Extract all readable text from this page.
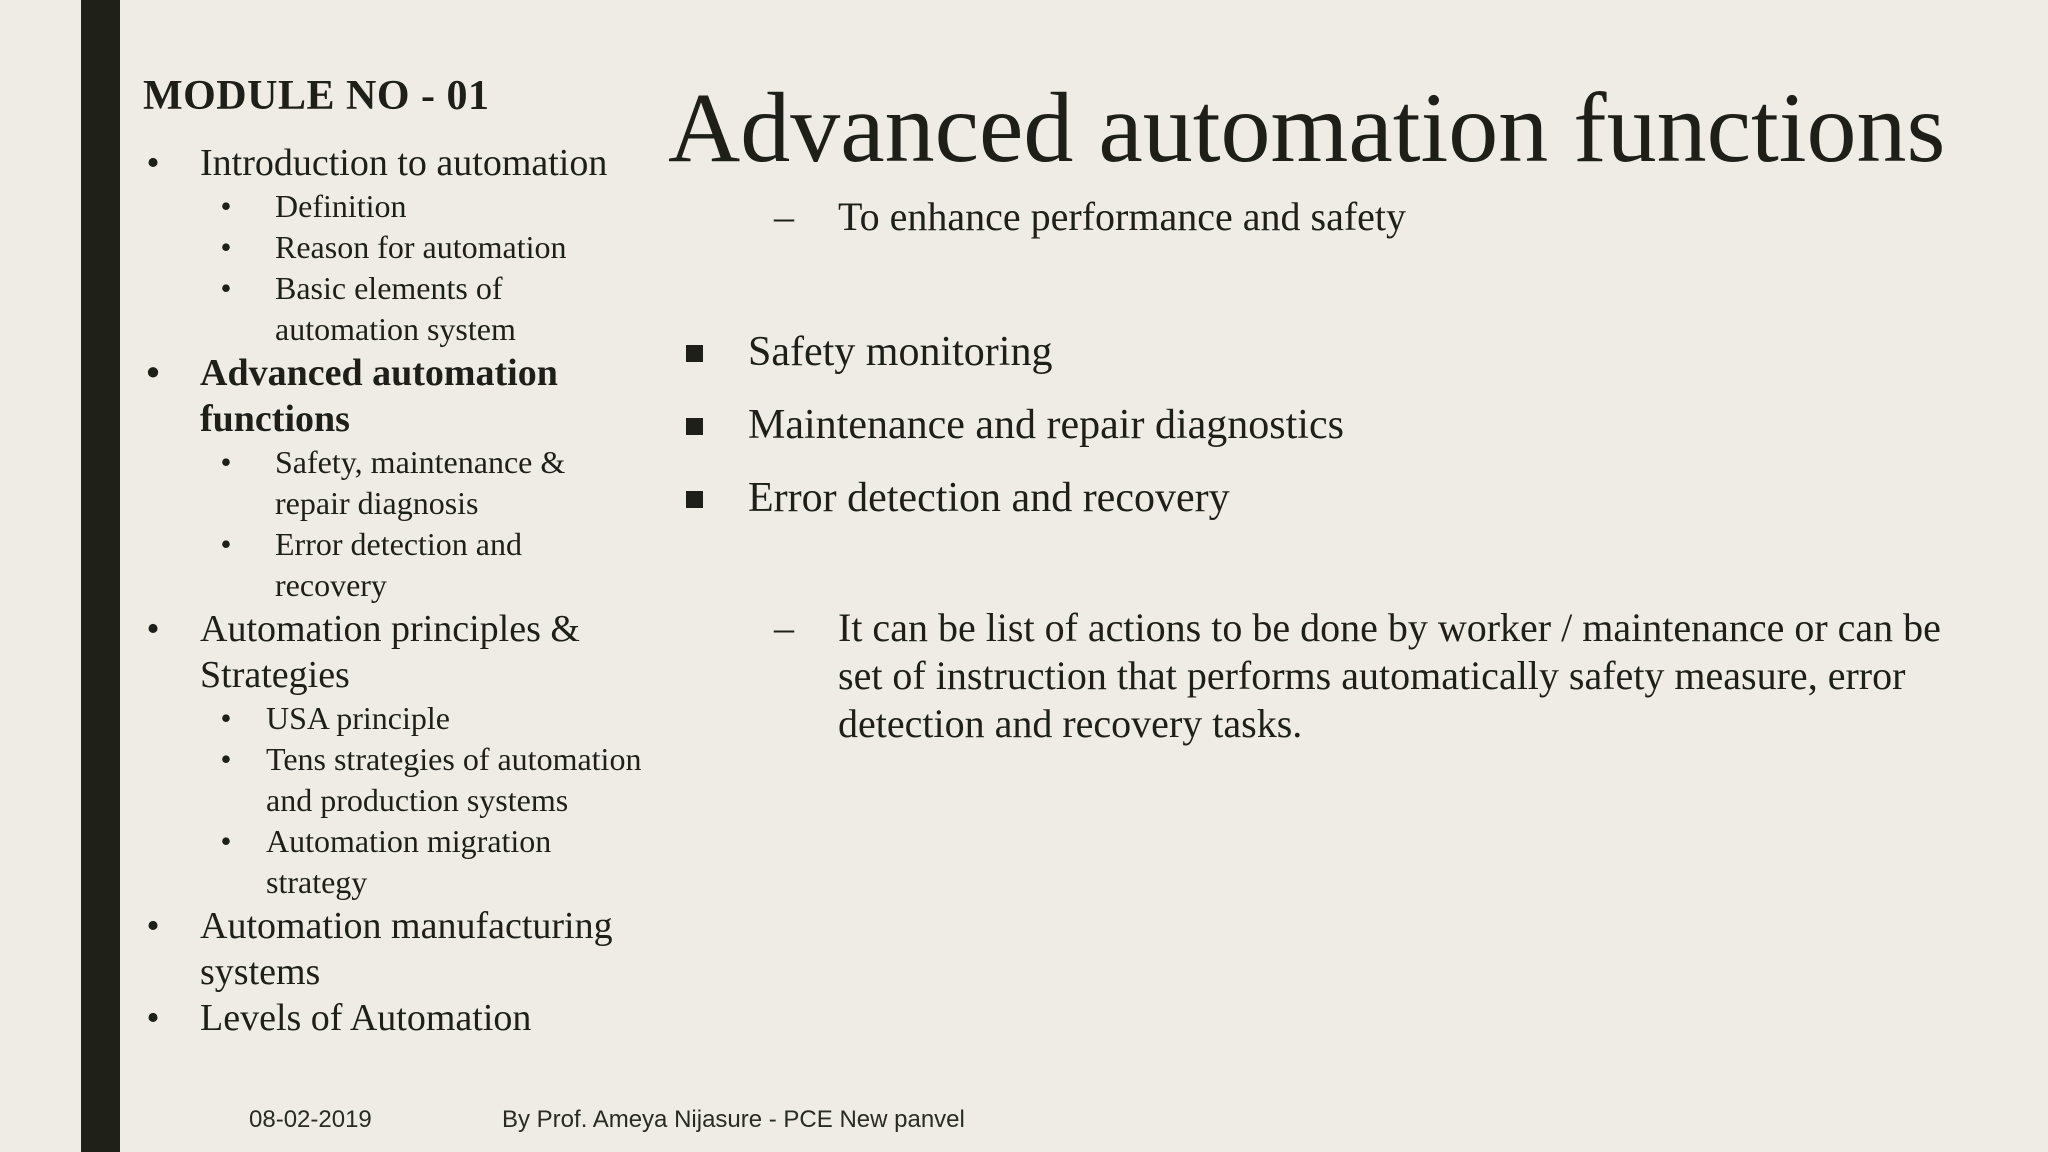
MODULE NO - 01
• Introduction to automation
• Definition
• Reason for automation
• Basic elements of automation system
• Advanced automation functions
• Safety, maintenance & repair diagnosis
• Error detection and recovery
• Automation principles & Strategies
• USA principle
• Tens strategies of automation and production systems
• Automation migration strategy
• Automation manufacturing systems
• Levels of Automation
Advanced automation functions
– To enhance performance and safety
Safety monitoring
Maintenance and repair diagnostics
Error detection and recovery
– It can be list of actions to be done by worker / maintenance or can be set of instruction that performs automatically safety measure, error detection and recovery tasks.
08-02-2019	By Prof. Ameya Nijasure - PCE New panvel
